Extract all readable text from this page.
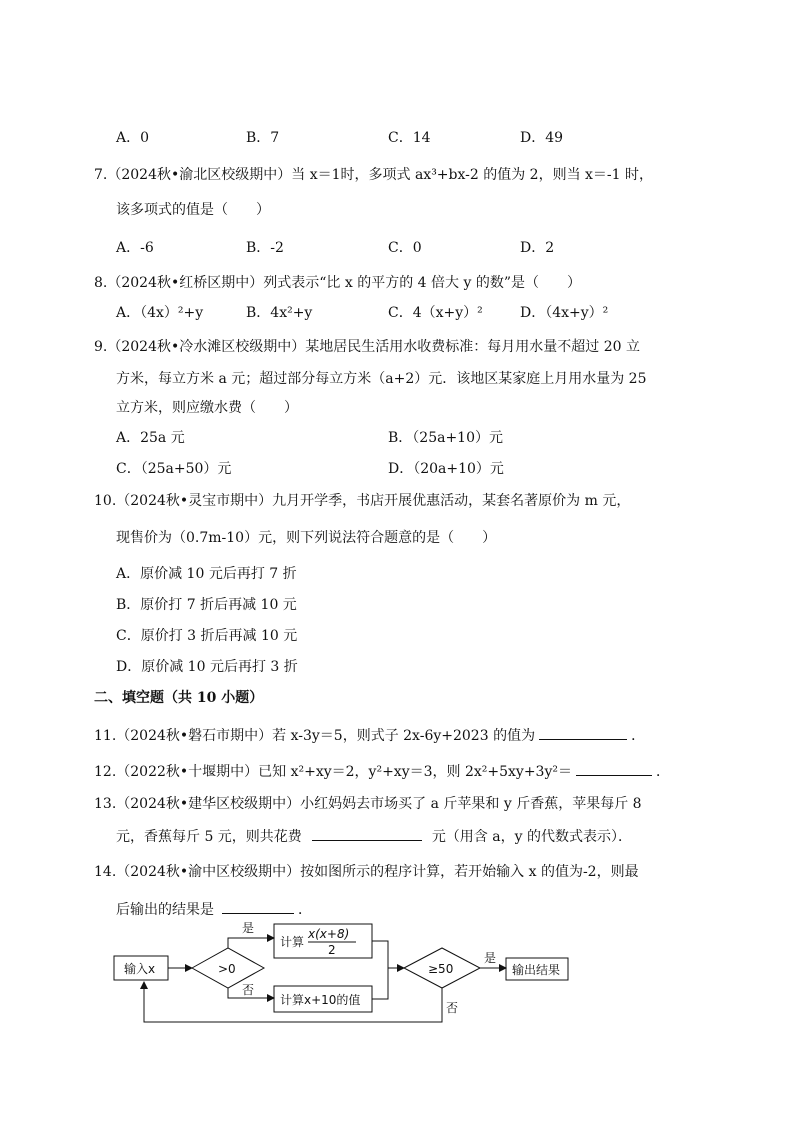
A．0	B．7	C．14	D．49
7.（2024秋•渝北区校级期中）当 x＝1时，多项式 ax³+bx-2 的值为 2，则当 x＝-1 时，
该多项式的值是（　　）
A．-6	B．-2	C．0	D．2
8.（2024秋•红桥区期中）列式表示“比 x 的平方的 4 倍大 y 的数”是（　　）
A．（4x）²+y	B．4x²+y	C．4（x+y）²	D．（4x+y）²
9.（2024秋•冷水滩区校级期中）某地居民生活用水收费标准：每月用水量不超过 20 立
方米，每立方米 a 元；超过部分每立方米（a+2）元．该地区某家庭上月用水量为 25
立方米，则应缴水费（　　）
A．25a 元	B．（25a+10）元
C．（25a+50）元	D．（20a+10）元
10.（2024秋•灵宝市期中）九月开学季，书店开展优惠活动，某套名著原价为 m 元，
现售价为（0.7m-10）元，则下列说法符合题意的是（　　）
A．原价减 10 元后再打 7 折
B．原价打 7 折后再减 10 元
C．原价打 3 折后再减 10 元
D．原价减 10 元后再打 3 折
二、填空题（共 10 小题）
11.（2024秋•磐石市期中）若 x-3y＝5，则式子 2x-6y+2023 的值为	．
12.（2022秋•十堰期中）已知 x²+xy＝2，y²+xy＝3，则 2x²+5xy+3y²＝	．
13.（2024秋•建华区校级期中）小红妈妈去市场买了 a 斤苹果和 y 斤香蕉，苹果每斤 8
元，香蕉每斤 5 元，则共花费	元（用含 a，y 的代数式表示）．
14.（2024秋•渝中区校级期中）按如图所示的程序计算，若开始输入 x 的值为-2，则最
后输出的结果是	．
输入x	>0
是
计算
x(x+8)
2
否
计算x+10的值
≥50
是
输出结果
否
